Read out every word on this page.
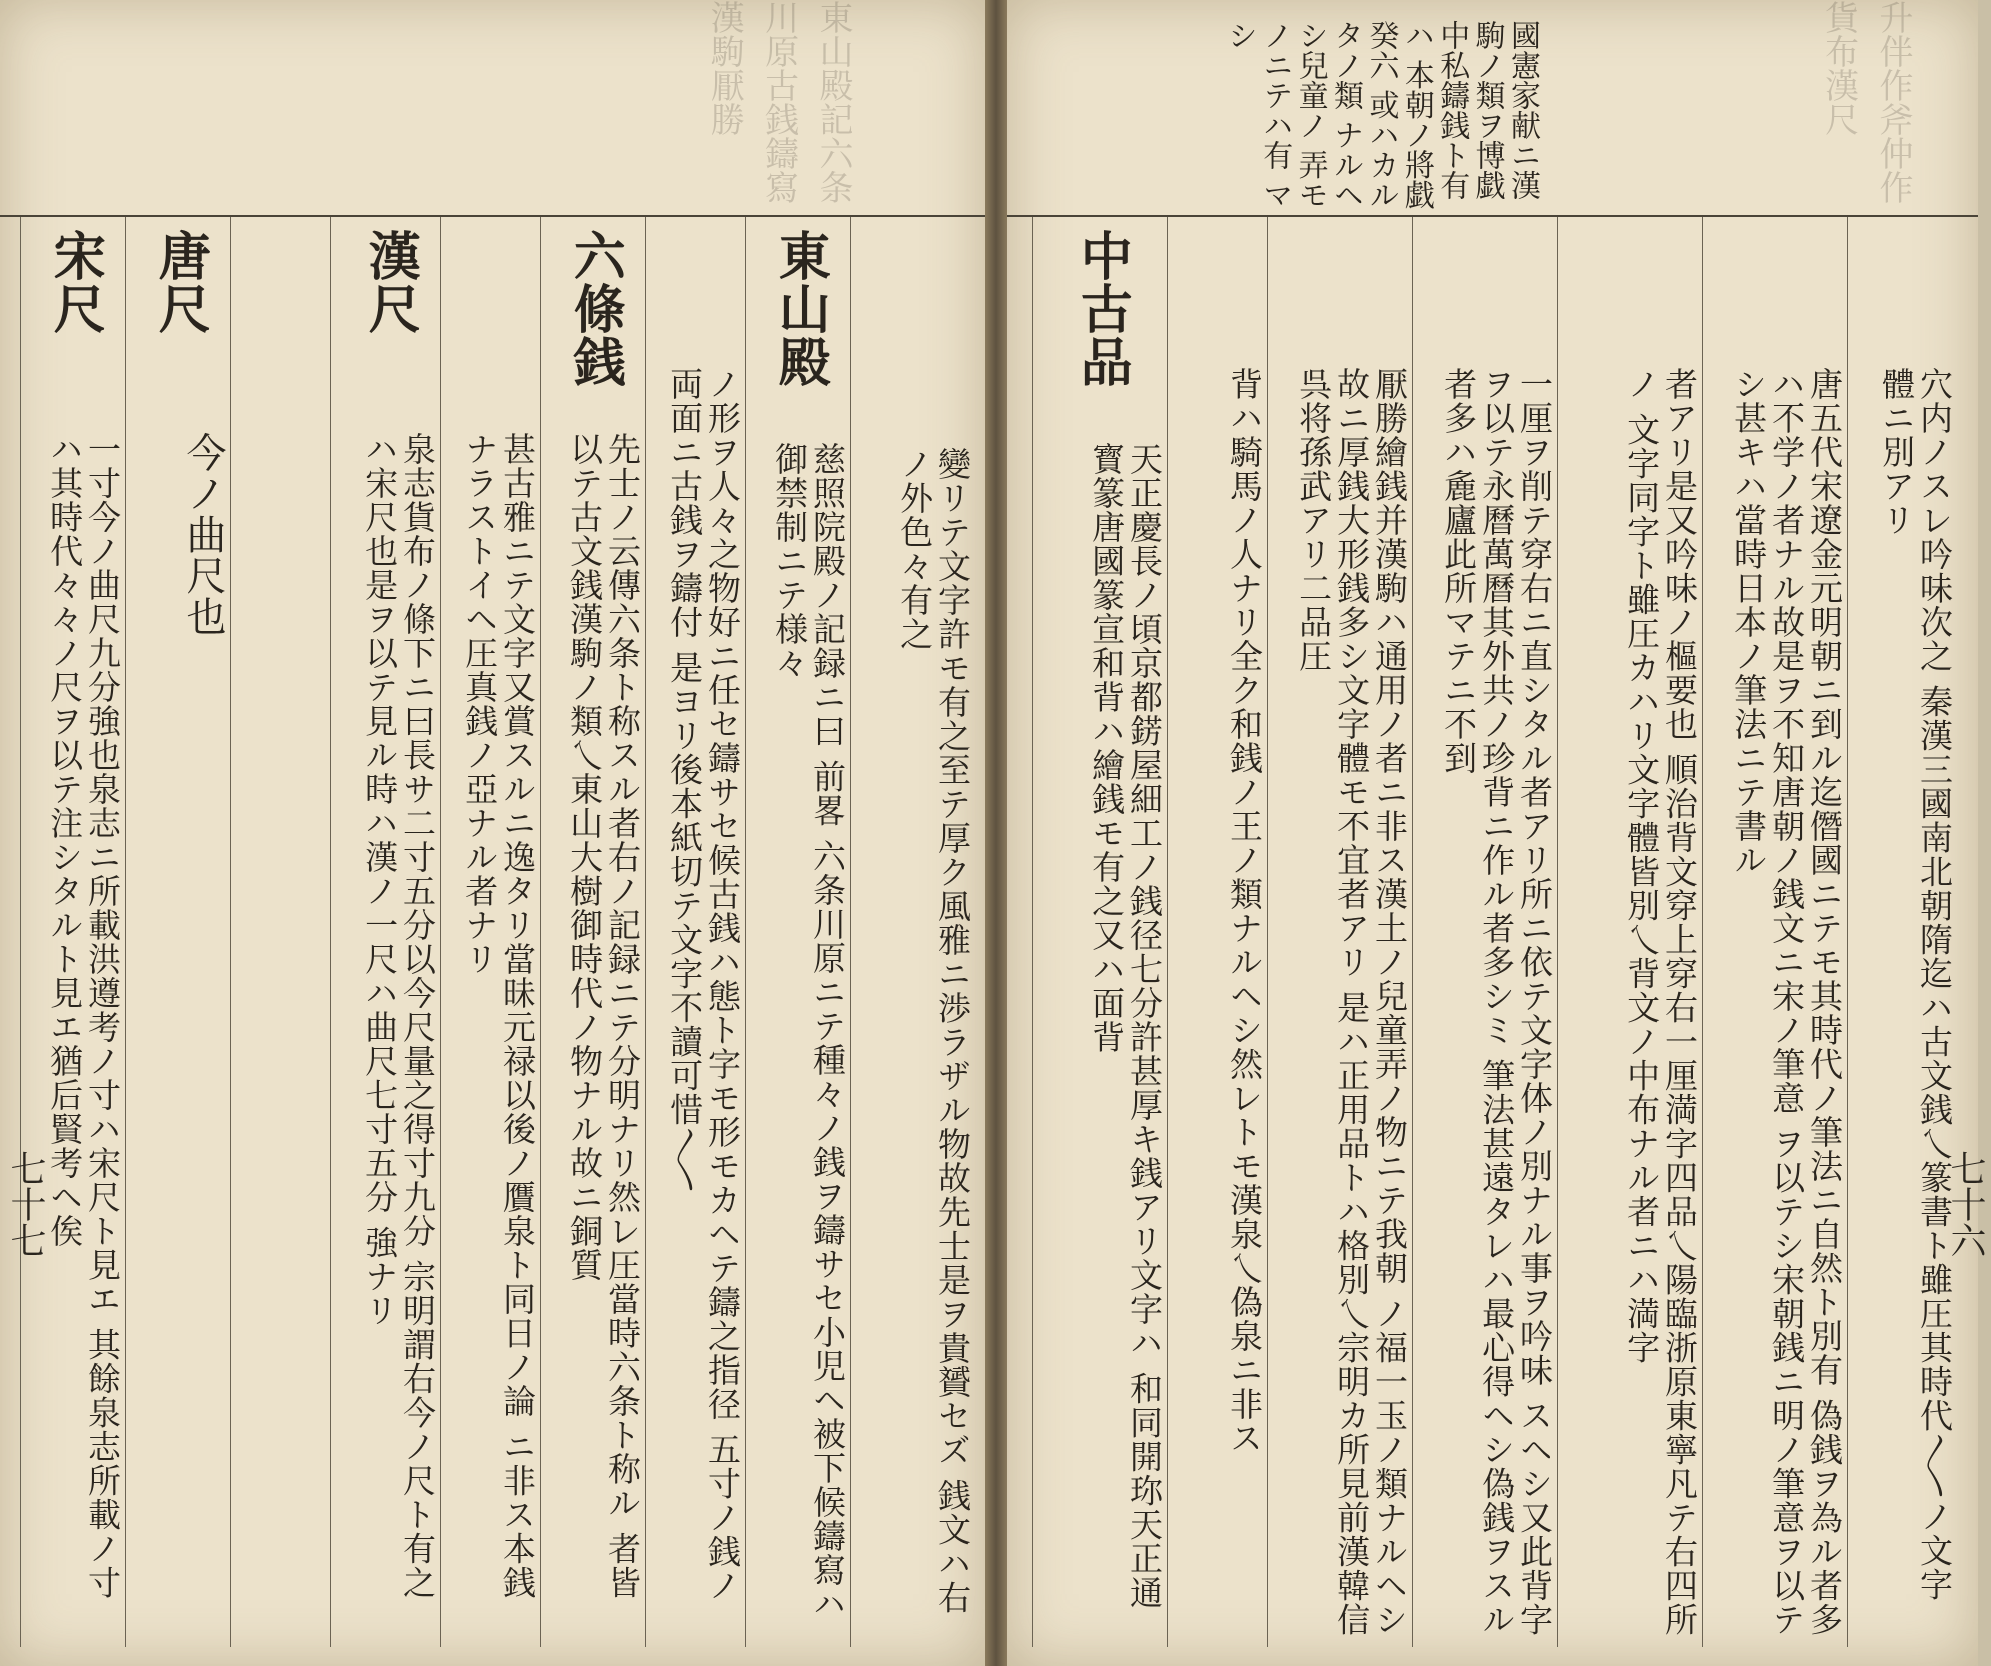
東山殿記六条川原古銭鑄寫漢駒厭勝	升伴作斧仲作貨布漢尺
國憲家献ニ漢 駒ノ類ヲ博戯 中私鑄銭ト有ハ 本朝ノ將戯癸六 或ハカルタノ類 ナルヘシ兒童ノ 弄モノニテハ有 マシ
變リテ文字許モ有之至テ厚ク風雅ニ渉ラザル物故先士是ヲ貴贇セズ 銭文ハ右ノ外色々有之
東山殿
慈照院殿ノ記録ニ曰 前畧 六条川原ニテ種々ノ銭ヲ鑄サセ小児ヘ被下候鑄寫ハ御禁制ニテ様々
ノ形ヲ人々之物好ニ任セ鑄サセ候古銭ハ態ト字モ形モカヘテ鑄之指径 五寸ノ銭ノ両面ニ古銭ヲ鑄付 是ヨリ後本紙切テ文字不讀可惜〳〵
六條銭
先士ノ云傳六条ト称スル者右ノ記録ニテ分明ナリ然レ圧當時六条ト称ル 者皆以テ古文銭漢駒ノ類乀東山大樹御時代ノ物ナル故ニ銅質
甚古雅ニテ文字又賞スルニ逸タリ當昧元禄以後ノ贋泉ト同日ノ論 ニ非ス本銭ナラストイヘ圧真銭ノ亞ナル者ナリ
漢尺
泉志貨布ノ條下ニ曰長サ二寸五分以今尺量之得寸九分 宗明謂右今ノ尺ト有之ハ宋尺也是ヲ以テ見ル時ハ漢ノ一尺ハ曲尺七寸五分 強ナリ
唐尺
今ノ曲尺也
宋尺
一寸今ノ曲尺九分強也泉志ニ所載洪遵考ノ寸ハ宋尺ト見エ 其餘泉志所載ノ寸ハ其時代々々ノ尺ヲ以テ注シタルト見エ猶后賢考ヘ俟
七十七
穴内ノスレ吟味次之 秦漢三國南北朝隋迄ハ古文銭乀篆書ト雖圧其時代〳〵ノ文字 體ニ別アリ
唐五代宋遼金元明朝ニ到ル迄僭國ニテモ其時代ノ筆法ニ自然ト別有 偽銭ヲ為ル者多ハ不学ノ者ナル故是ヲ不知唐朝ノ銭文ニ宋ノ筆意 ヲ以テシ宋朝銭ニ明ノ筆意ヲ以テシ甚キハ當時日本ノ筆法ニテ書ル
者アリ是又吟味ノ樞要也 順治背文穿上穿右一厘満字四品乀陽臨浙原東寧凡テ右四所ノ 文字同字ト雖圧カハリ文字體皆別乀背文ノ中布ナル者ニハ満字
一厘ヲ削テ穿右ニ直シタル者アリ所ニ依テ文字体ノ別ナル事ヲ吟味 スヘシ又此背字ヲ以テ永曆萬曆其外共ノ珍背ニ作ル者多シミ 筆法甚遠タレハ最心得ヘシ偽銭ヲスル者多ハ麁廬此所マテニ不到
厭勝繪銭并漢駒ハ通用ノ者ニ非ス漢土ノ兒童弄ノ物ニテ我朝 ノ福一玉ノ類ナルヘシ故ニ厚銭大形銭多シ文字體モ不宜者アリ 是ハ正用品トハ格別乀宗明カ所見前漢韓信呉将孫武アリ二品圧
背ハ騎馬ノ人ナリ全ク和銭ノ王ノ類ナルヘシ然レトモ漢泉乀偽泉ニ非ス
中古品
天正慶長ノ頃京都錺屋細工ノ銭径七分許甚厚キ銭アリ文字ハ 和同開珎天正通寳篆唐國篆宣和背ハ繪銭モ有之又ハ面背
七十六
